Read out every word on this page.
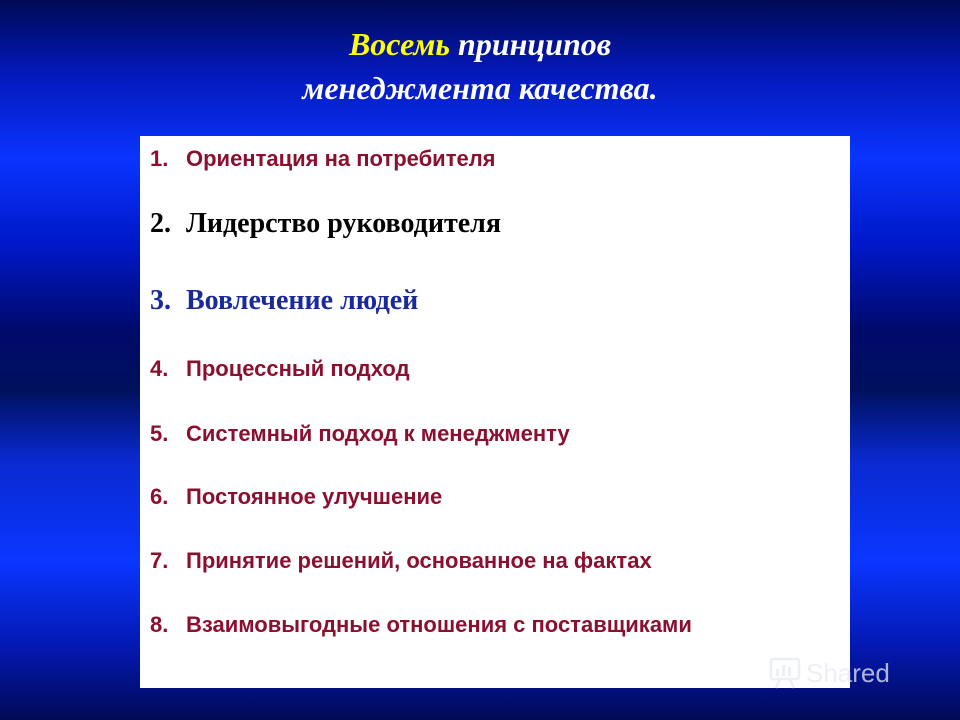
Восемь принципов
менеджмента качества.
1. Ориентация на потребителя
2. Лидерство руководителя
3. Вовлечение людей
4. Процессный подход
5. Системный подход к менеджменту
6. Постоянное улучшение
7. Принятие решений, основанное на фактах
8. Взаимовыгодные отношения с поставщиками
Shared
